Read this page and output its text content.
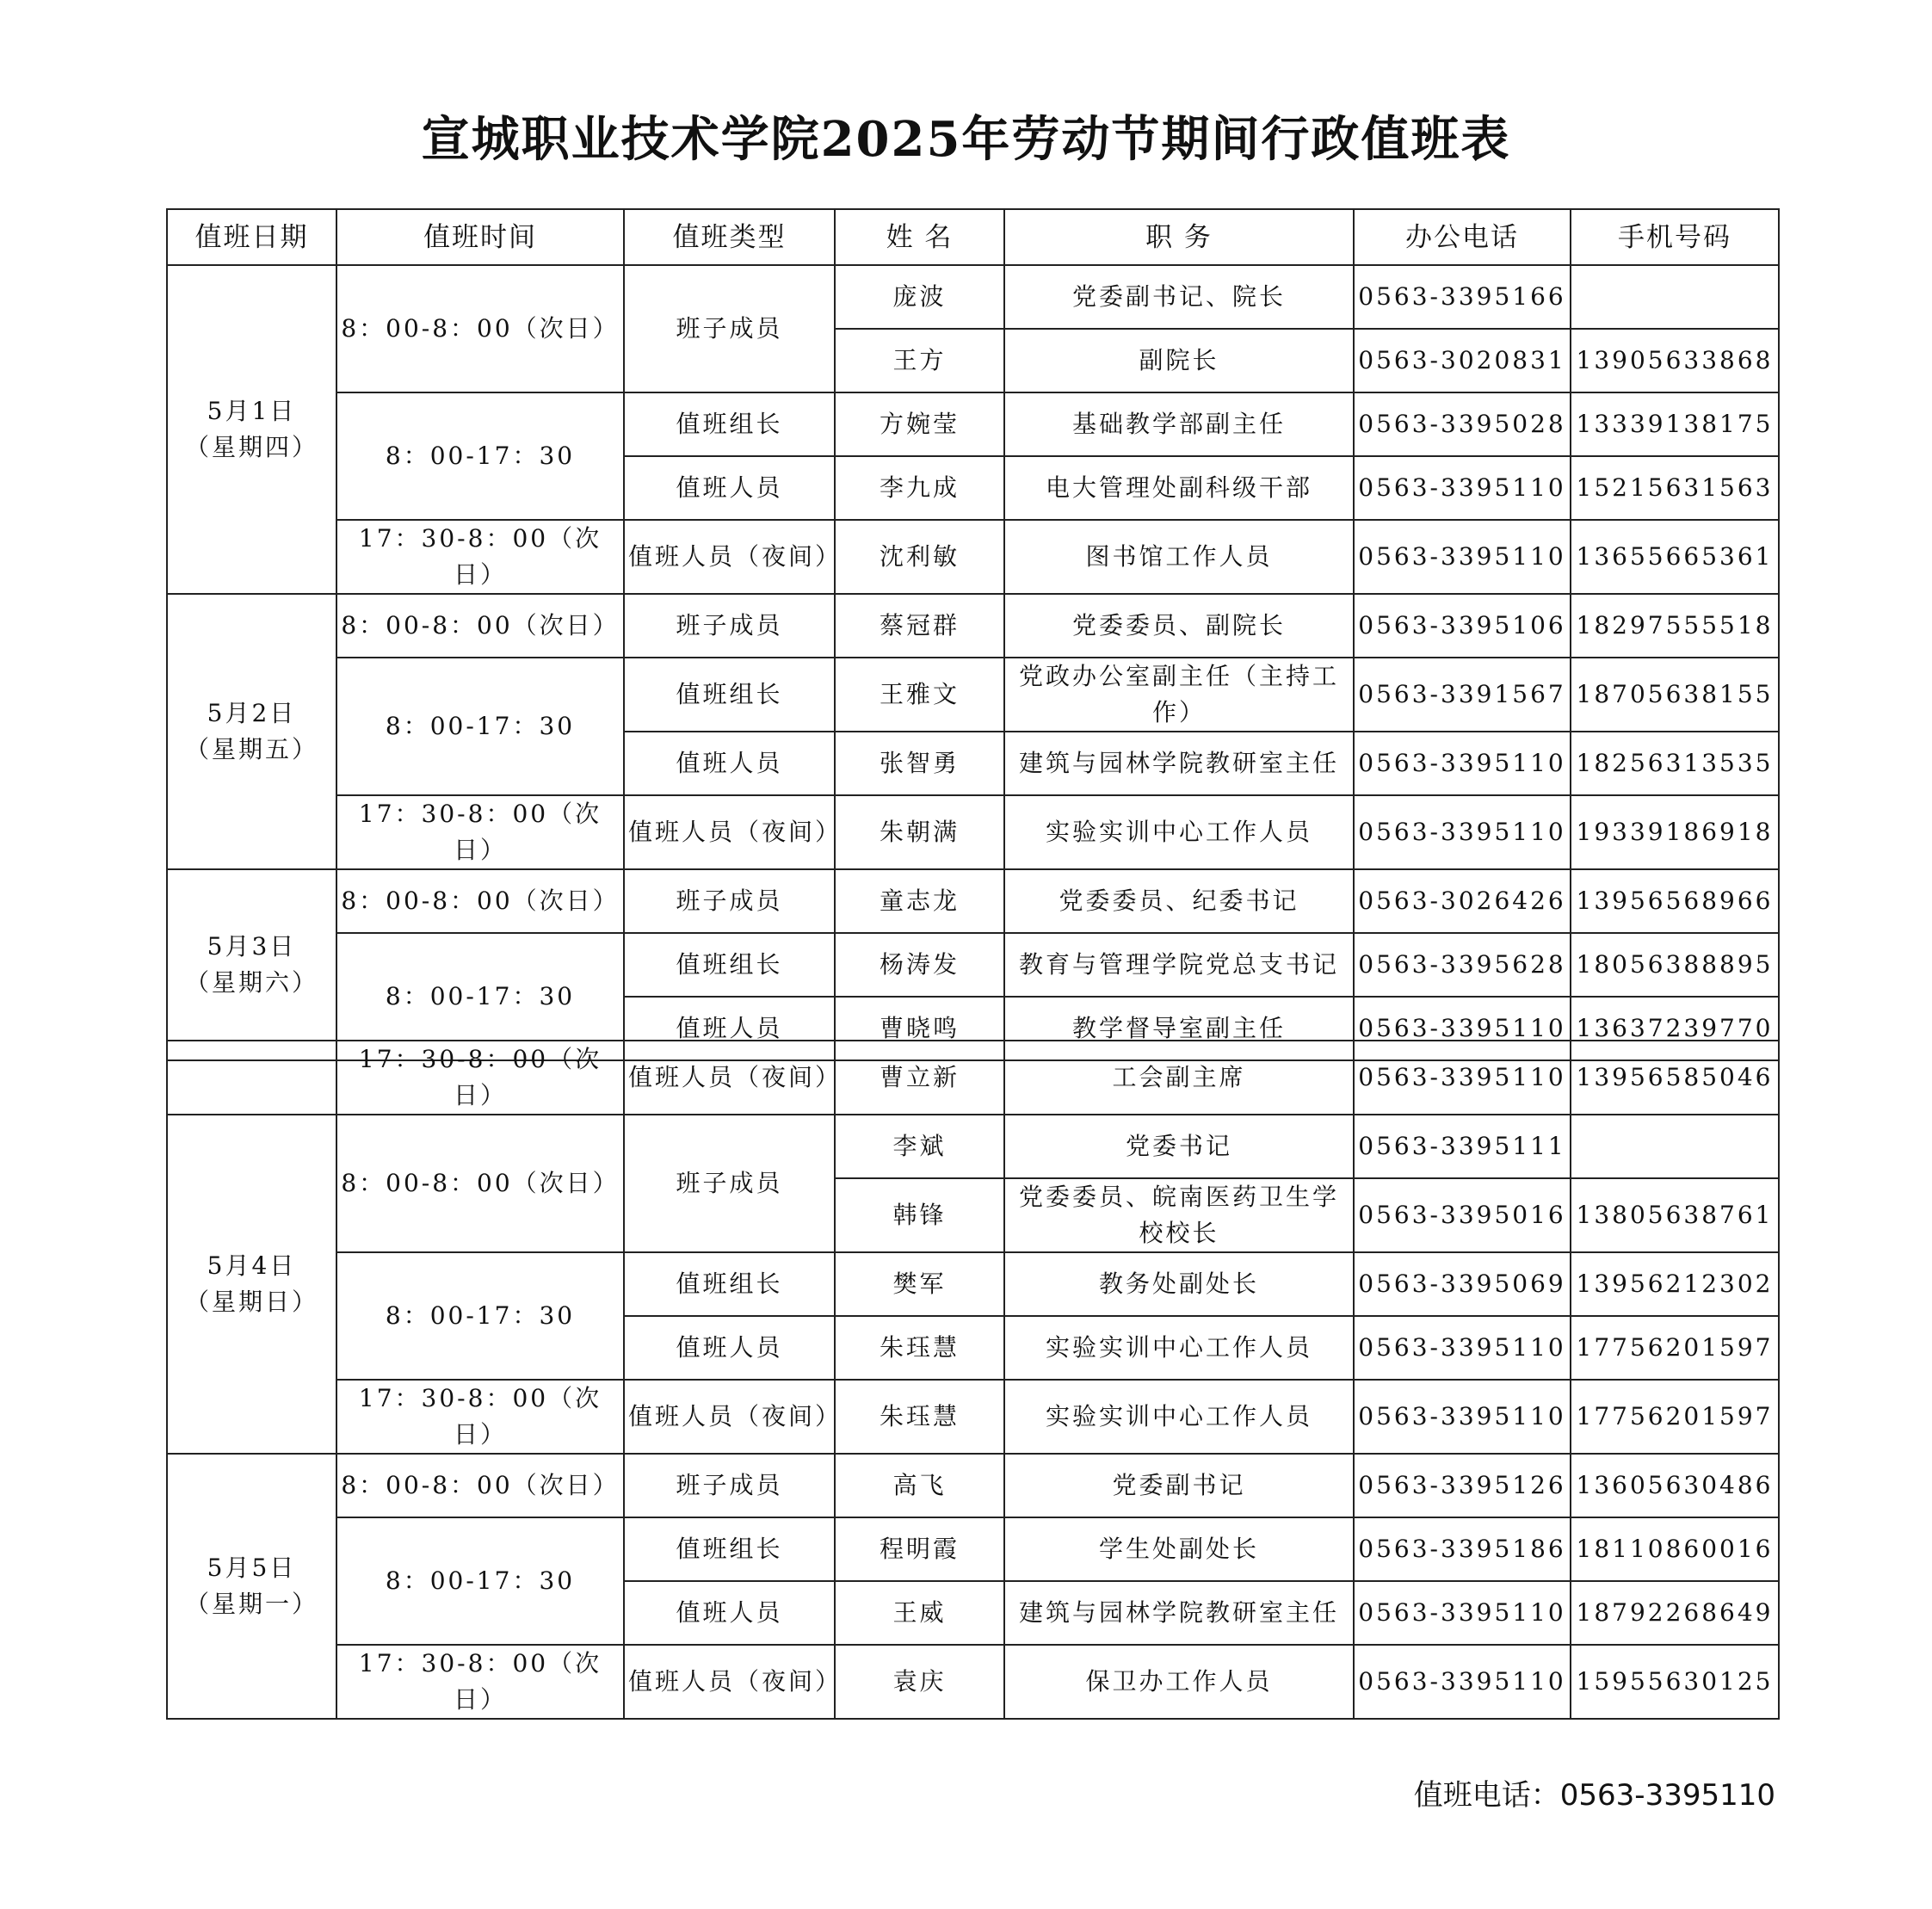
宣城职业技术学院2025年劳动节期间行政值班表
值班日期	值班时间	值班类型	姓 名	职 务	办公电话	手机号码

5月1日
（星期四）	8：00-8：00（次日）	班子成员	庞波	党委副书记、院长	0563-3395166	
			王方	副院长	0563-3020831	13905633868
	8：00-17：30	值班组长	方婉莹	基础教学部副主任	0563-3395028	13339138175
		值班人员	李九成	电大管理处副科级干部	0563-3395110	15215631563
	17：30-8：00（次日）	值班人员（夜间）	沈利敏	图书馆工作人员	0563-3395110	13655665361

5月2日
（星期五）	8：00-8：00（次日）	班子成员	蔡冠群	党委委员、副院长	0563-3395106	18297555518
	8：00-17：30	值班组长	王雅文	党政办公室副主任（主持工作）	0563-3391567	18705638155
		值班人员	张智勇	建筑与园林学院教研室主任	0563-3395110	18256313535
	17：30-8：00（次日）	值班人员（夜间）	朱朝满	实验实训中心工作人员	0563-3395110	19339186918

5月3日
（星期六）	8：00-8：00（次日）	班子成员	童志龙	党委委员、纪委书记	0563-3026426	13956568966
	8：00-17：30	值班组长	杨涛发	教育与管理学院党总支书记	0563-3395628	18056388895
		值班人员	曹晓鸣	教学督导室副主任	0563-3395110	13637239770
	17：30-8：00（次日）	值班人员（夜间）	曹立新	工会副主席	0563-3395110	13956585046

5月4日
（星期日）	8：00-8：00（次日）	班子成员	李斌	党委书记	0563-3395111	
			韩锋	党委委员、皖南医药卫生学校校长	0563-3395016	13805638761
	8：00-17：30	值班组长	樊军	教务处副处长	0563-3395069	13956212302
		值班人员	朱珏慧	实验实训中心工作人员	0563-3395110	17756201597
	17：30-8：00（次日）	值班人员（夜间）	朱珏慧	实验实训中心工作人员	0563-3395110	17756201597

5月5日
（星期一）	8：00-8：00（次日）	班子成员	高飞	党委副书记	0563-3395126	13605630486
	8：00-17：30	值班组长	程明霞	学生处副处长	0563-3395186	18110860016
		值班人员	王威	建筑与园林学院教研室主任	0563-3395110	18792268649
	17：30-8：00（次日）	值班人员（夜间）	袁庆	保卫办工作人员	0563-3395110	15955630125
值班电话：0563-3395110
